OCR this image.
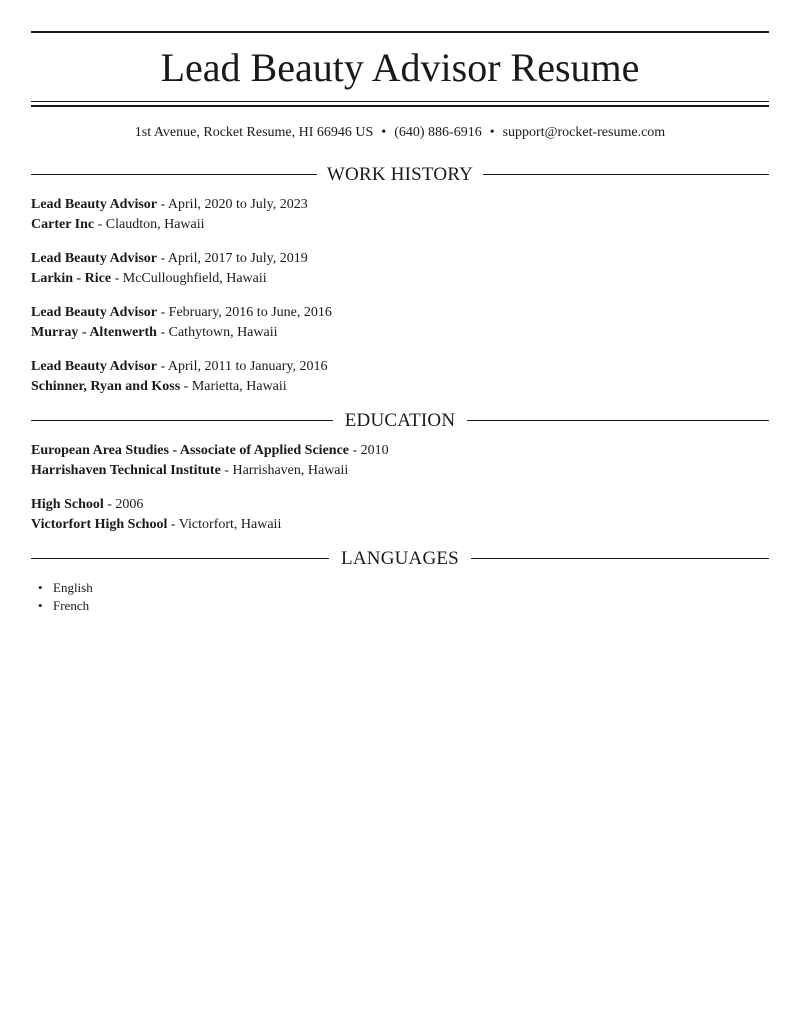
Lead Beauty Advisor Resume
1st Avenue, Rocket Resume, HI 66946 US • (640) 886-6916 • support@rocket-resume.com
WORK HISTORY
Lead Beauty Advisor - April, 2020 to July, 2023
Carter Inc - Claudton, Hawaii
Lead Beauty Advisor - April, 2017 to July, 2019
Larkin - Rice - McCulloughfield, Hawaii
Lead Beauty Advisor - February, 2016 to June, 2016
Murray - Altenwerth - Cathytown, Hawaii
Lead Beauty Advisor - April, 2011 to January, 2016
Schinner, Ryan and Koss - Marietta, Hawaii
EDUCATION
European Area Studies - Associate of Applied Science - 2010
Harrishaven Technical Institute - Harrishaven, Hawaii
High School - 2006
Victorfort High School - Victorfort, Hawaii
LANGUAGES
• English
• French
